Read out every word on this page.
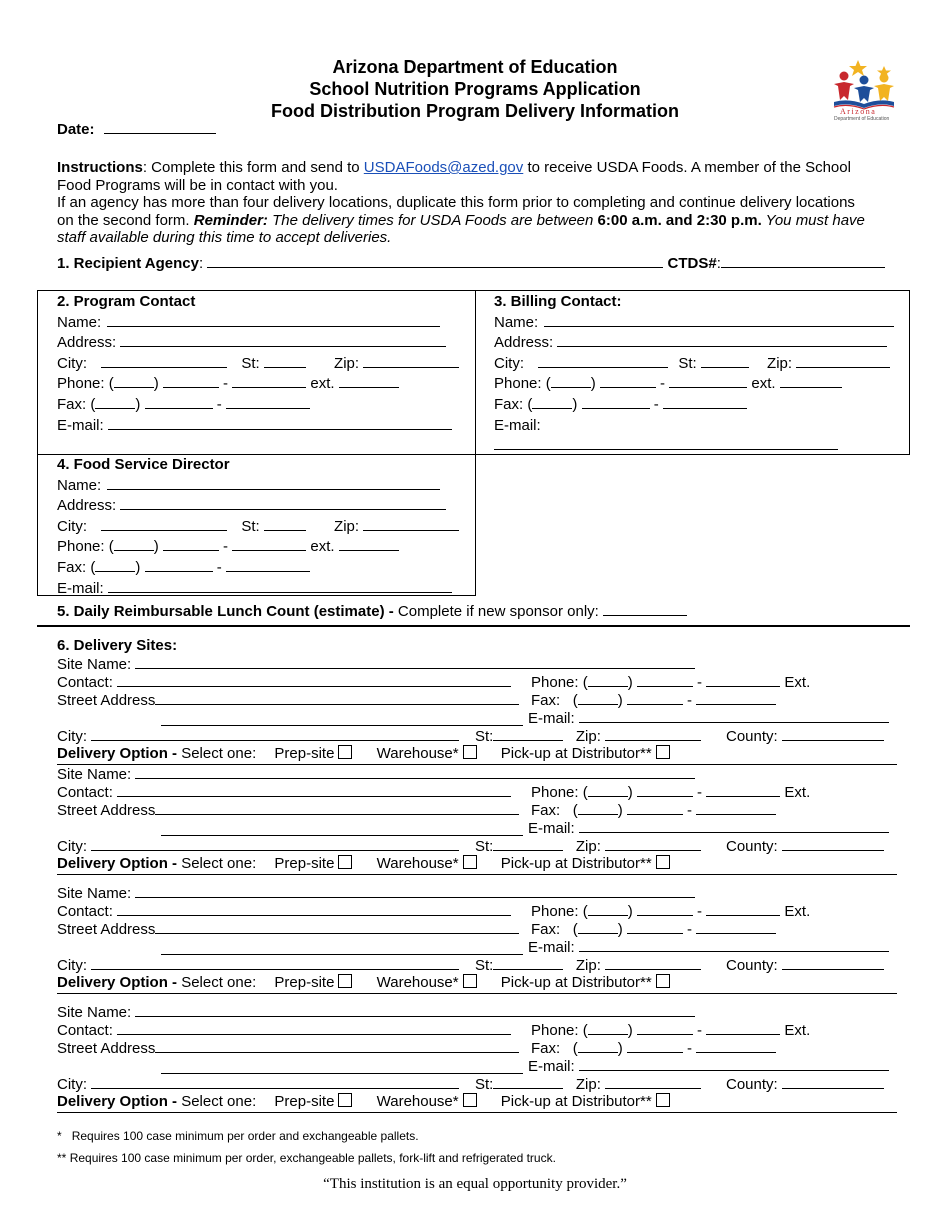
Arizona Department of Education
School Nutrition Programs Application
Food Distribution Program Delivery Information	Arizona
Department of Education
Date:
Instructions: Complete this form and send to USDAFoods@azed.gov to receive USDA Foods. A member of the School
Food Programs will be in contact with you.
If an agency has more than four delivery locations, duplicate this form prior to completing and continue delivery locations
on the second form. Reminder: The delivery times for USDA Foods are between 6:00 a.m. and 2:30 p.m. You must have
staff available during this time to accept deliveries.
1. Recipient Agency:	CTDS#:
2. Program Contact
Name:
Address:
City:	St:	Zip:
Phone: (	)	-	ext.
Fax: (	)	-
E-mail:
3. Billing Contact:
Name:
Address:
City:	St:	Zip:
Phone: (	)	-	ext.
Fax: (	)	-
E-mail:
4. Food Service Director
Name:
Address:
City:	St:	Zip:
Phone: (	)	-	ext.
Fax: (	)	-
E-mail:
5. Daily Reimbursable Lunch Count (estimate) - Complete if new sponsor only:
6. Delivery Sites:
Site Name:
Contact:	Phone: (	)	-	Ext.
Street Address	Fax:   (	)	-
E-mail:
City:	St:	Zip:	County:
Delivery Option - Select one: Prep-site	Warehouse*	Pick-up at Distributor**
Site Name:
Contact:	Phone: (	)	-	Ext.
Street Address	Fax:   (	)	-
E-mail:
City:	St:	Zip:	County:
Delivery Option - Select one: Prep-site	Warehouse*	Pick-up at Distributor**
Site Name:
Contact:	Phone: (	)	-	Ext.
Street Address	Fax:   (	)	-
E-mail:
City:	St:	Zip:	County:
Delivery Option - Select one: Prep-site	Warehouse*	Pick-up at Distributor**
Site Name:
Contact:	Phone: (	)	-	Ext.
Street Address	Fax:   (	)	-
E-mail:
City:	St:	Zip:	County:
Delivery Option - Select one: Prep-site	Warehouse*	Pick-up at Distributor**
* Requires 100 case minimum per order and exchangeable pallets.
** Requires 100 case minimum per order, exchangeable pallets, fork-lift and refrigerated truck.
“This institution is an equal opportunity provider.”
